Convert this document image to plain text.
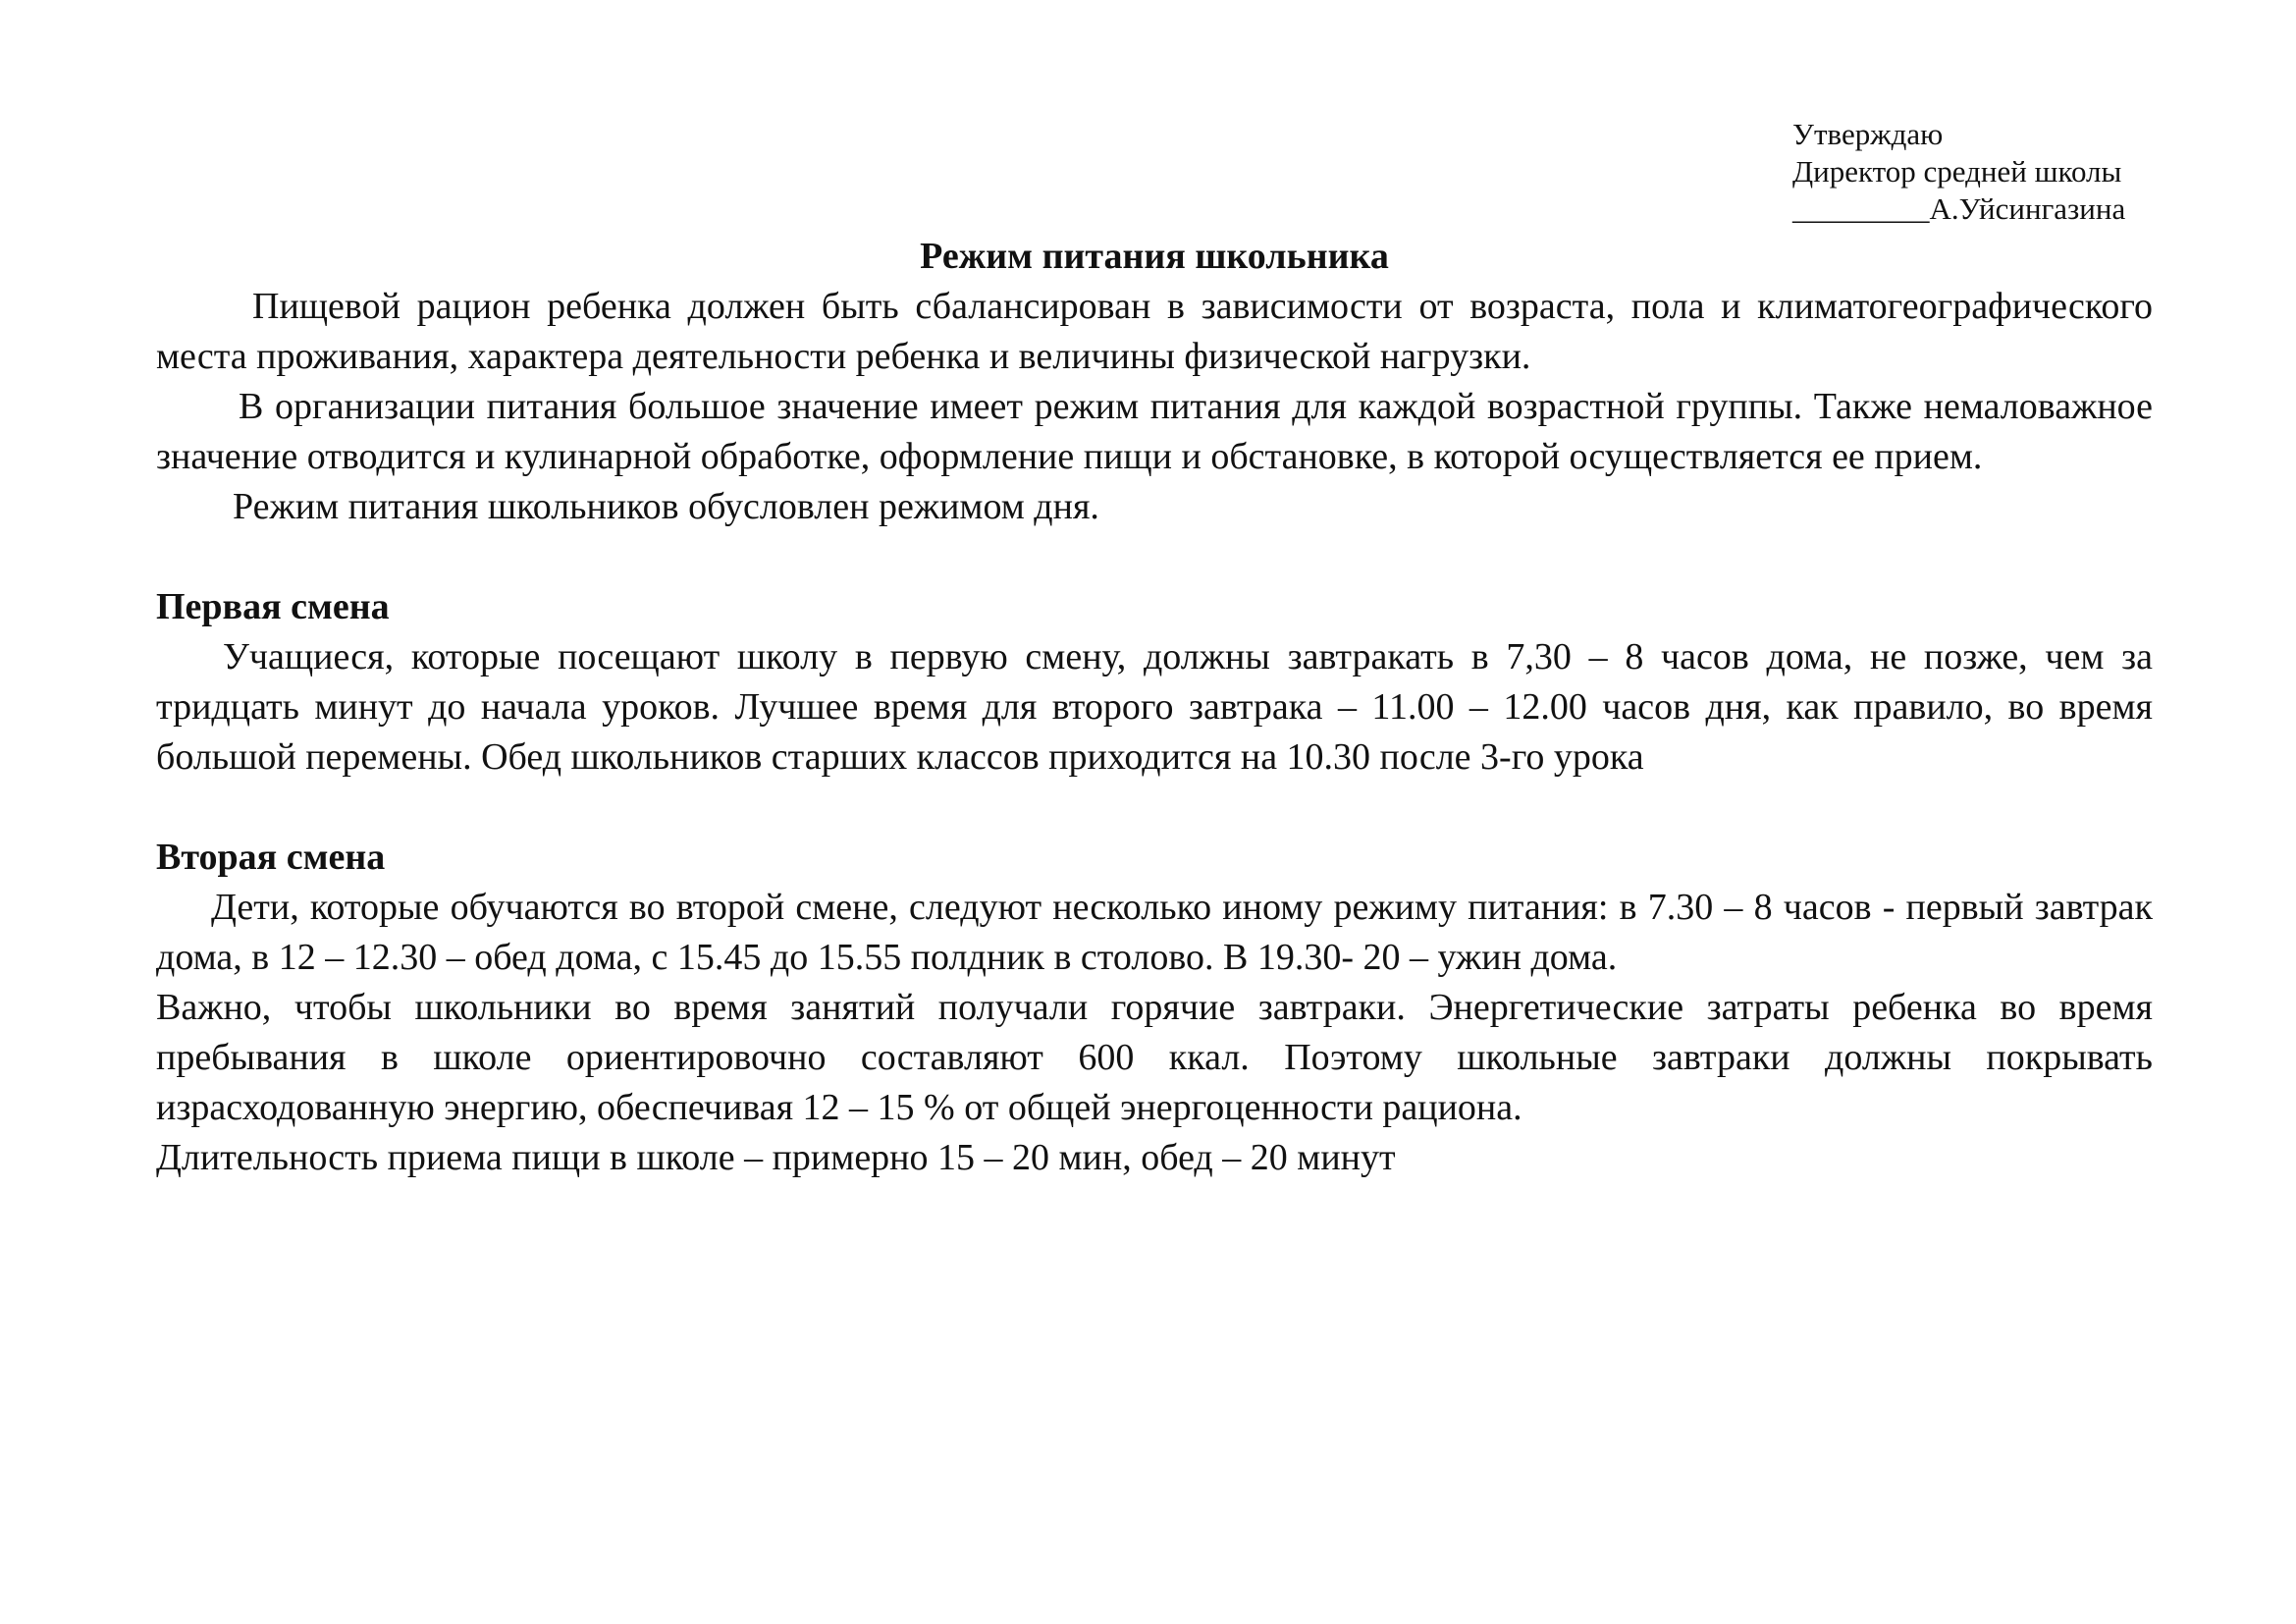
Утверждаю
Директор средней школы
_________А.Уйсингазина
Режим питания школьника

Пищевой рацион ребенка должен быть сбалансирован в зависимости от возраста, пола и климатогеографического места проживания, характера деятельности ребенка и величины физической нагрузки.

В организации питания большое значение имеет режим питания для каждой возрастной группы. Также немаловажное значение отводится и кулинарной обработке, оформление пищи и обстановке, в которой осуществляется ее прием.

Режим питания школьников обусловлен режимом дня.

Первая смена

Учащиеся, которые посещают школу в первую смену, должны завтракать в 7,30 – 8 часов дома, не позже, чем за тридцать минут до начала уроков. Лучшее время для второго завтрака – 11.00 – 12.00 часов дня, как правило, во время большой перемены. Обед школьников старших классов приходится на 10.30 после 3-го урока

Вторая смена

Дети, которые обучаются во второй смене, следуют несколько иному режиму питания: в 7.30 – 8 часов - первый завтрак дома, в 12 – 12.30 – обед дома, с 15.45 до 15.55 полдник в столово. В 19.30- 20 – ужин дома.

Важно, чтобы школьники во время занятий получали горячие завтраки. Энергетические затраты ребенка во время пребывания в школе ориентировочно составляют 600 ккал. Поэтому школьные завтраки должны покрывать израсходованную энергию, обеспечивая 12 – 15 % от общей энергоценности рациона.

Длительность приема пищи в школе – примерно 15 – 20 мин, обед – 20 минут
